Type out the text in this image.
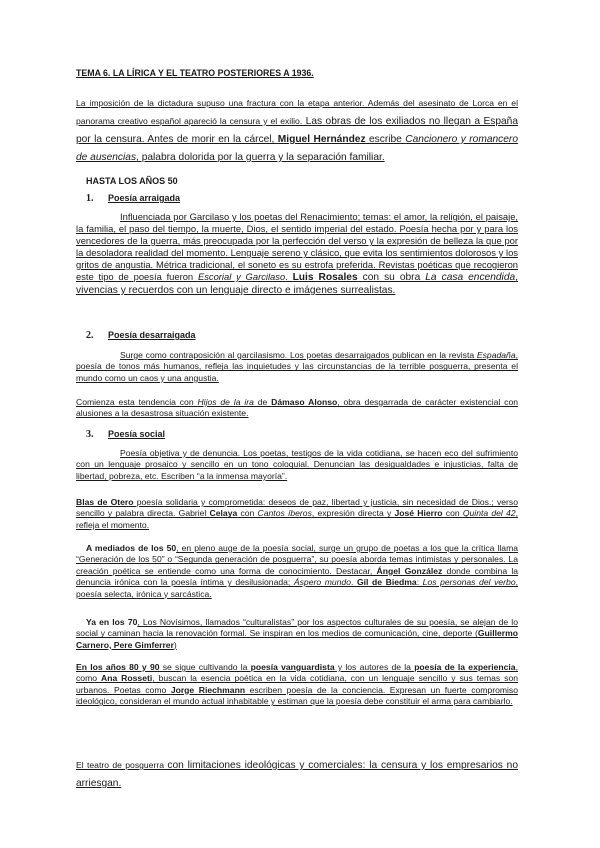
TEMA 6. LA LÍRICA Y EL TEATRO POSTERIORES A 1936.
La imposición de la dictadura supuso una fractura con la etapa anterior. Además del asesinato de Lorca en el panorama creativo español apareció la censura y el exilio. Las obras de los exiliados no llegan a España por la censura. Antes de morir en la cárcel, Miguel Hernández escribe Cancionero y romancero de ausencias, palabra dolorida por la guerra y la separación familiar.
HASTA LOS AÑOS 50
1. Poesía arraigada
Influenciada por Garcilaso y los poetas del Renacimiento; temas: el amor, la religión, el paisaje, la familia, el paso del tiempo, la muerte, Dios, el sentido imperial del estado. Poesía hecha por y para los vencedores de la guerra, más preocupada por la perfección del verso y la expresión de belleza la que por la desoladora realidad del momento. Lenguaje sereno y clásico, que evita los sentimientos dolorosos y los gritos de angustia. Métrica tradicional, el soneto es su estrofa preferida. Revistas poéticas que recogieron este tipo de poesía fueron Escorial y Garcilaso. Luis Rosales con su obra La casa encendida, vivencias y recuerdos con un lenguaje directo e imágenes surrealistas.
2. Poesía desarraigada
Surge como contraposición al garcilasismo. Los poetas desarraigados publican en la revista Espadaña, poesía de tonos más humanos, refleja las inquietudes y las circunstancias de la terrible posguerra, presenta el mundo como un caos y una angustia.
Comienza esta tendencia con Hijos de la ira de Dámaso Alonso, obra desgarrada de carácter existencial con alusiones a la desastrosa situación existente.
3. Poesía social
Poesía objetiva y de denuncia. Los poetas, testigos de la vida cotidiana, se hacen eco del sufrimiento con un lenguaje prosaico y sencillo en un tono coloquial. Denuncian las desigualdades e injusticias, falta de libertad, pobreza, etc. Escriben “a la inmensa mayoría”.
Blas de Otero poesía solidaria y comprometida: deseos de paz, libertad y justicia, sin necesidad de Dios.; verso sencillo y palabra directa. Gabriel Celaya con Cantos íberos, expresión directa y José Hierro con Quinta del 42, refleja el momento.
A mediados de los 50, en pleno auge de la poesía social, surge un grupo de poetas a los que la crítica llama “Generación de los 50” o “Segunda generación de posguerra”, su poesía aborda temas intimistas y personales. La creación poética se entiende como una forma de conocimiento. Destacar, Ángel González donde combina la denuncia irónica con la poesía íntima y desilusionada; Áspero mundo. Gil de Biedma: Los personas del verbo, poesía selecta, irónica y sarcástica.
Ya en los 70, Los Novísimos, llamados “culturalistas” por los aspectos culturales de su poesía, se alejan de lo social y caminan hacia la renovación formal. Se inspiran en los medios de comunicación, cine, deporte (Guillermo Carnero, Pere Gimferrer)
En los años 80 y 90 se sigue cultivando la poesía vanguardista y los autores de la poesía de la experiencia, como Ana Rosseti, buscan la esencia poética en la vida cotidiana, con un lenguaje sencillo y sus temas son urbanos. Poetas como Jorge Riechmann escriben poesía de la conciencia. Expresan un fuerte compromiso ideológico, consideran el mundo actual inhabitable y estiman que la poesía debe constituir el arma para cambiarlo.
El teatro de posguerra con limitaciones ideológicas y comerciales: la censura y los empresarios no arriesgan.
